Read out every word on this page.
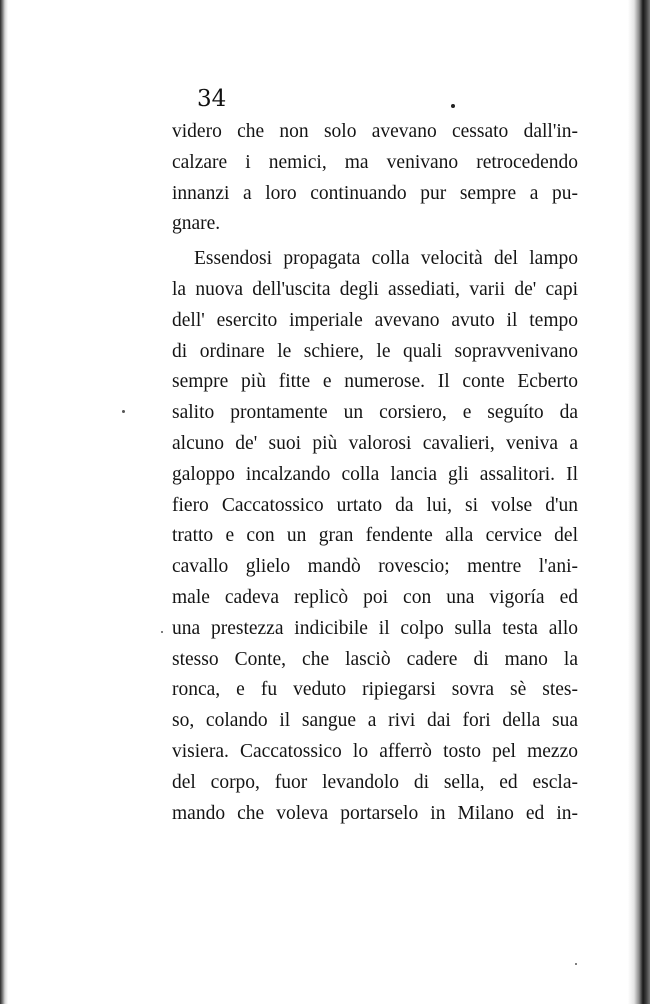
34
videro che non solo avevano cessato dall'in-
calzare i nemici, ma venivano retrocedendo
innanzi a loro continuando pur sempre a pu-
gnare.
Essendosi propagata colla velocità del lampo
la nuova dell'uscita degli assediati, varii de' capi
dell' esercito imperiale avevano avuto il tempo
di ordinare le schiere, le quali sopravvenivano
sempre più fitte e numerose. Il conte Ecberto
salito prontamente un corsiero, e seguíto da
alcuno de' suoi più valorosi cavalieri, veniva a
galoppo incalzando colla lancia gli assalitori. Il
fiero Caccatossico urtato da lui, si volse d'un
tratto e con un gran fendente alla cervice del
cavallo glielo mandò rovescio; mentre l'ani-
male cadeva replicò poi con una vigoría ed
una prestezza indicibile il colpo sulla testa allo
stesso Conte, che lasciò cadere di mano la
ronca, e fu veduto ripiegarsi sovra sè stes-
so, colando il sangue a rivi dai fori della sua
visiera. Caccatossico lo afferrò tosto pel mezzo
del corpo, fuor levandolo di sella, ed escla-
mando che voleva portarselo in Milano ed in-
